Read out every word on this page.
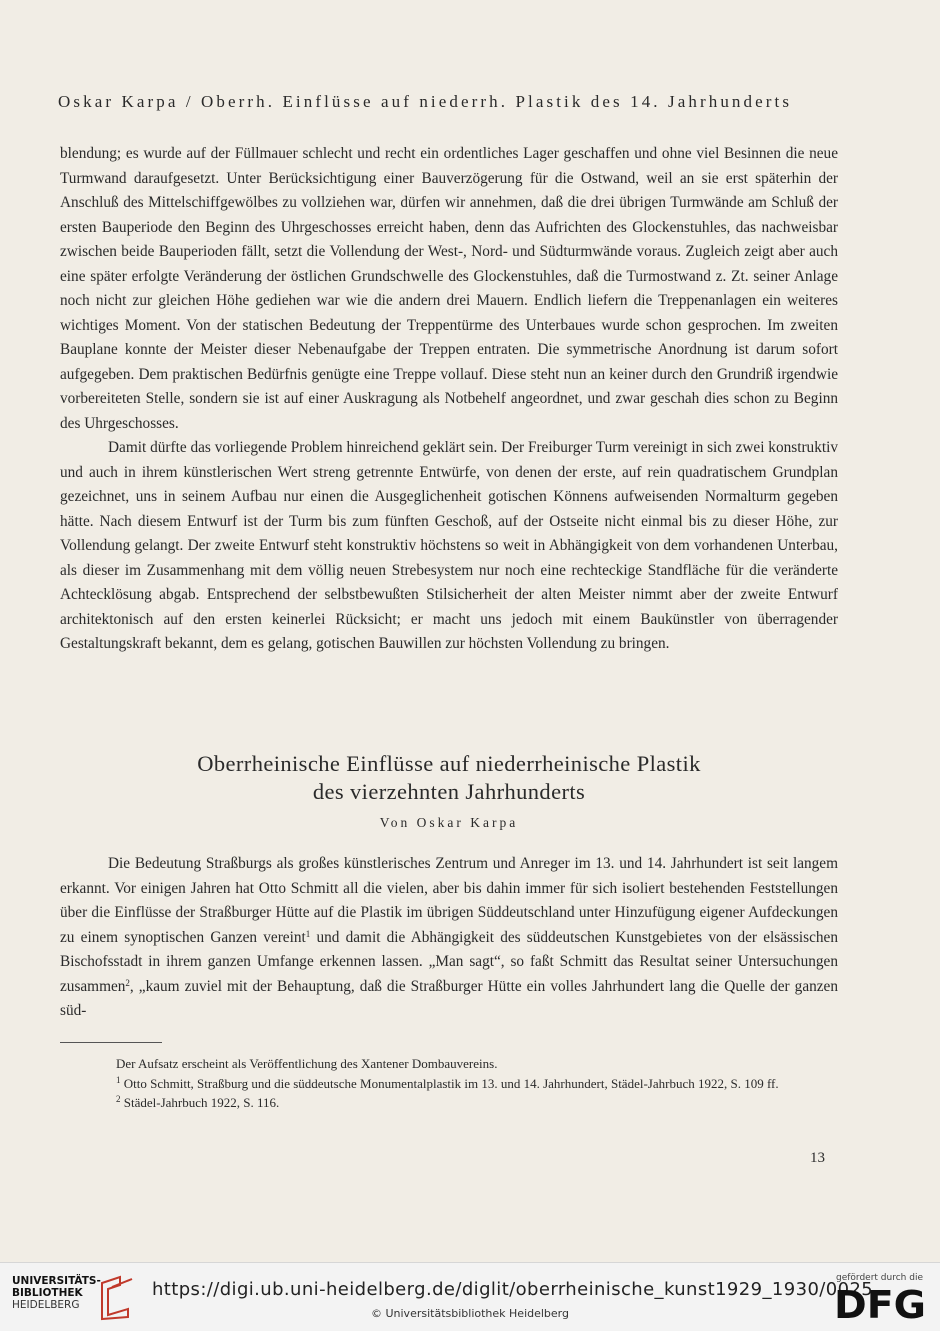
Oskar Karpa / Oberrh. Einflüsse auf niederrh. Plastik des 14. Jahrhunderts

blendung; es wurde auf der Füllmauer schlecht und recht ein ordentliches Lager geschaffen und ohne viel Besinnen die neue Turmwand daraufgesetzt. Unter Berücksichtigung einer Bauverzögerung für die Ostwand, weil an sie erst späterhin der Anschluß des Mittelschiffgewölbes zu vollziehen war, dürfen wir annehmen, daß die drei übrigen Turmwände am Schluß der ersten Bauperiode den Beginn des Uhrgeschosses erreicht haben, denn das Aufrichten des Glockenstuhles, das nachweisbar zwischen beide Bauperioden fällt, setzt die Vollendung der West-, Nord- und Südturmwände voraus. Zugleich zeigt aber auch eine später erfolgte Veränderung der östlichen Grundschwelle des Glockenstuhles, daß die Turmostwand z. Zt. seiner Anlage noch nicht zur gleichen Höhe gediehen war wie die andern drei Mauern. Endlich liefern die Treppenanlagen ein weiteres wichtiges Moment. Von der statischen Bedeutung der Treppentürme des Unterbaues wurde schon gesprochen. Im zweiten Bauplane konnte der Meister dieser Nebenaufgabe der Treppen entraten. Die symmetrische Anordnung ist darum sofort aufgegeben. Dem praktischen Bedürfnis genügte eine Treppe vollauf. Diese steht nun an keiner durch den Grundriß irgendwie vorbereiteten Stelle, sondern sie ist auf einer Auskragung als Notbehelf angeordnet, und zwar geschah dies schon zu Beginn des Uhrgeschosses.

Damit dürfte das vorliegende Problem hinreichend geklärt sein. Der Freiburger Turm vereinigt in sich zwei konstruktiv und auch in ihrem künstlerischen Wert streng getrennte Entwürfe, von denen der erste, auf rein quadratischem Grundplan gezeichnet, uns in seinem Aufbau nur einen die Ausgeglichenheit gotischen Könnens aufweisenden Normalturm gegeben hätte. Nach diesem Entwurf ist der Turm bis zum fünften Geschoß, auf der Ostseite nicht einmal bis zu dieser Höhe, zur Vollendung gelangt. Der zweite Entwurf steht konstruktiv höchstens so weit in Abhängigkeit von dem vorhandenen Unterbau, als dieser im Zusammenhang mit dem völlig neuen Strebesystem nur noch eine rechteckige Standfläche für die veränderte Achtecklösung abgab. Entsprechend der selbstbewußten Stilsicherheit der alten Meister nimmt aber der zweite Entwurf architektonisch auf den ersten keinerlei Rücksicht; er macht uns jedoch mit einem Baukünstler von überragender Gestaltungskraft bekannt, dem es gelang, gotischen Bauwillen zur höchsten Vollendung zu bringen.

Oberrheinische Einflüsse auf niederrheinische Plastik
des vierzehnten Jahrhunderts
Von Oskar Karpa

Die Bedeutung Straßburgs als großes künstlerisches Zentrum und Anreger im 13. und 14. Jahrhundert ist seit langem erkannt. Vor einigen Jahren hat Otto Schmitt all die vielen, aber bis dahin immer für sich isoliert bestehenden Feststellungen über die Einflüsse der Straßburger Hütte auf die Plastik im übrigen Süddeutschland unter Hinzufügung eigener Aufdeckungen zu einem synoptischen Ganzen vereint$^1$ und damit die Abhängigkeit des süddeutschen Kunstgebietes von der elsässischen Bischofsstadt in ihrem ganzen Umfange erkennen lassen. „Man sagt“, so faßt Schmitt das Resultat seiner Untersuchungen zusammen$^2$, „kaum zuviel mit der Behauptung, daß die Straßburger Hütte ein volles Jahrhundert lang die Quelle der ganzen süd-

Der Aufsatz erscheint als Veröffentlichung des Xantener Dombauvereins.

$^1$ Otto Schmitt, Straßburg und die süddeutsche Monumentalplastik im 13. und 14. Jahrhundert, Städel-Jahrbuch 1922, S. 109 ff.

$^2$ Städel-Jahrbuch 1922, S. 116.

13
UNIVERSITÄTS-
BIBLIOTHEK
HEIDELBERG
https://digi.ub.uni-heidelberg.de/diglit/oberrheinische_kunst1929_1930/0025
© Universitätsbibliothek Heidelberg
gefördert durch die
DFG
